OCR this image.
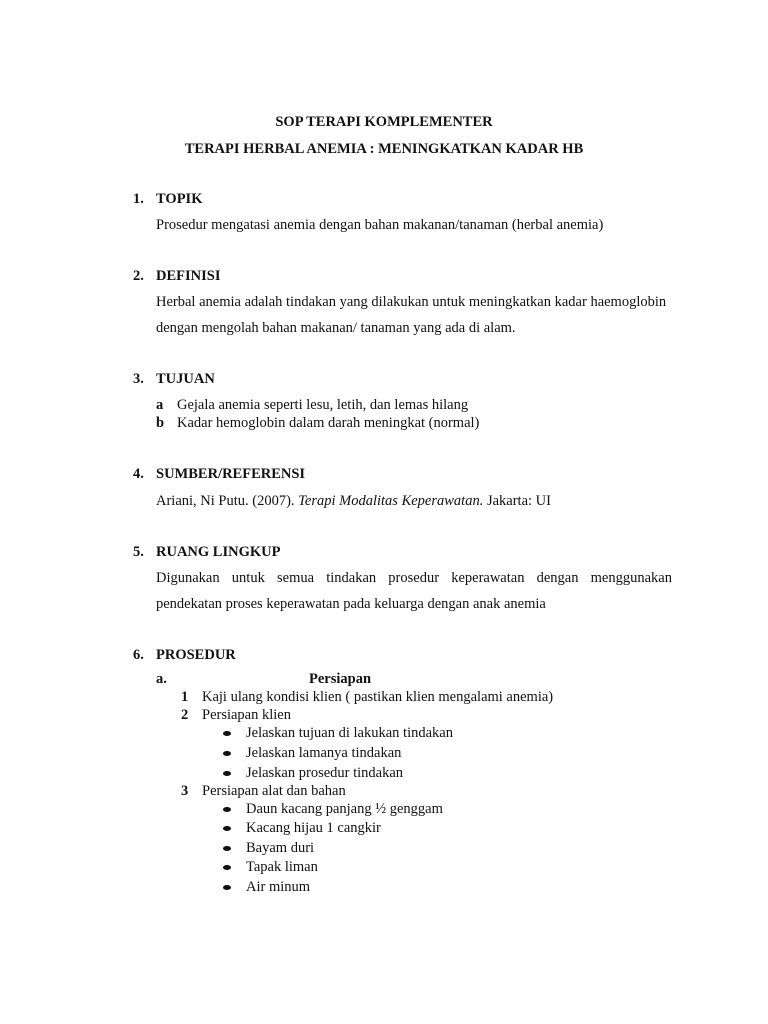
SOP TERAPI KOMPLEMENTER
TERAPI HERBAL ANEMIA : MENINGKATKAN KADAR HB
1. TOPIK
Prosedur mengatasi anemia dengan bahan makanan/tanaman (herbal anemia)
2. DEFINISI
Herbal anemia adalah tindakan yang dilakukan untuk meningkatkan kadar haemoglobin
dengan mengolah bahan makanan/ tanaman yang ada di alam.
3. TUJUAN
a Gejala anemia seperti lesu, letih, dan lemas hilang
b Kadar hemoglobin dalam darah meningkat (normal)
4. SUMBER/REFERENSI
Ariani, Ni Putu. (2007). Terapi Modalitas Keperawatan. Jakarta: UI
5. RUANG LINGKUP
Digunakan untuk semua tindakan prosedur keperawatan dengan menggunakan
pendekatan proses keperawatan pada keluarga dengan anak anemia
6. PROSEDUR
a.	Persiapan
1 Kaji ulang kondisi klien ( pastikan klien mengalami anemia)
2 Persiapan klien
Jelaskan tujuan di lakukan tindakan
Jelaskan lamanya tindakan
Jelaskan prosedur tindakan
3 Persiapan alat dan bahan
Daun kacang panjang ½ genggam
Kacang hijau 1 cangkir
Bayam duri
Tapak liman
Air minum
